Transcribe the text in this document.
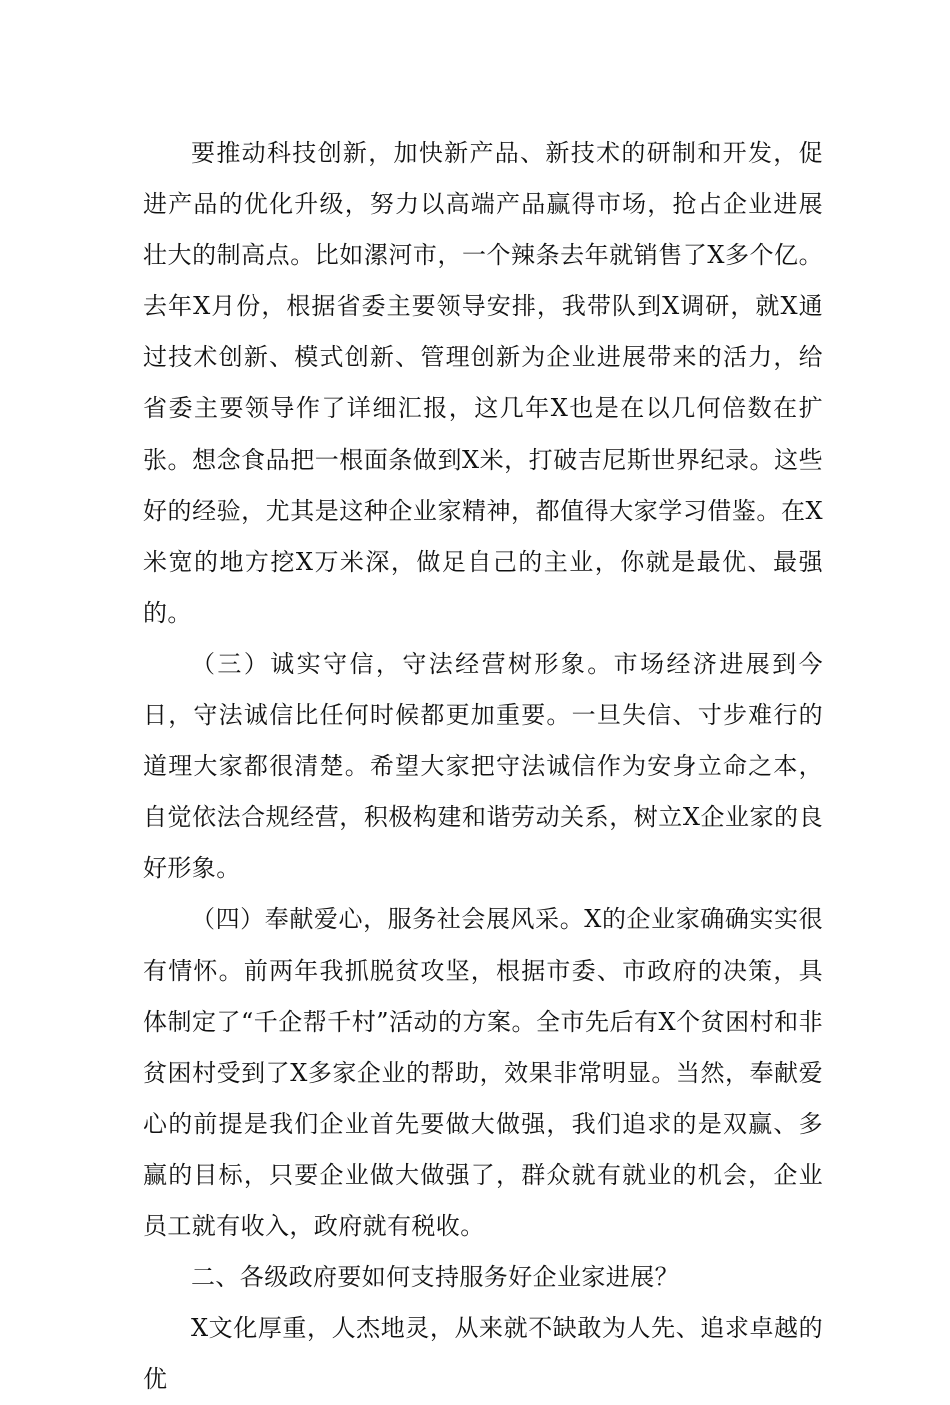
要推动科技创新，加快新产品、新技术的研制和开发，促进产品的优化升级，努力以高端产品赢得市场，抢占企业进展壮大的制高点。比如漯河市，一个辣条去年就销售了X多个亿。去年X月份，根据省委主要领导安排，我带队到X调研，就X通过技术创新、模式创新、管理创新为企业进展带来的活力，给省委主要领导作了详细汇报，这几年X也是在以几何倍数在扩张。想念食品把一根面条做到X米，打破吉尼斯世界纪录。这些好的经验，尤其是这种企业家精神，都值得大家学习借鉴。在X米宽的地方挖X万米深，做足自己的主业，你就是最优、最强的。

（三）诚实守信，守法经营树形象。市场经济进展到今日，守法诚信比任何时候都更加重要。一旦失信、寸步难行的道理大家都很清楚。希望大家把守法诚信作为安身立命之本，自觉依法合规经营，积极构建和谐劳动关系，树立X企业家的良好形象。

（四）奉献爱心，服务社会展风采。X的企业家确确实实很有情怀。前两年我抓脱贫攻坚，根据市委、市政府的决策，具体制定了“千企帮千村”活动的方案。全市先后有X个贫困村和非贫困村受到了X多家企业的帮助，效果非常明显。当然，奉献爱心的前提是我们企业首先要做大做强，我们追求的是双赢、多赢的目标，只要企业做大做强了，群众就有就业的机会，企业员工就有收入，政府就有税收。

二、各级政府要如何支持服务好企业家进展？

X文化厚重，人杰地灵，从来就不缺敢为人先、追求卓越的优
